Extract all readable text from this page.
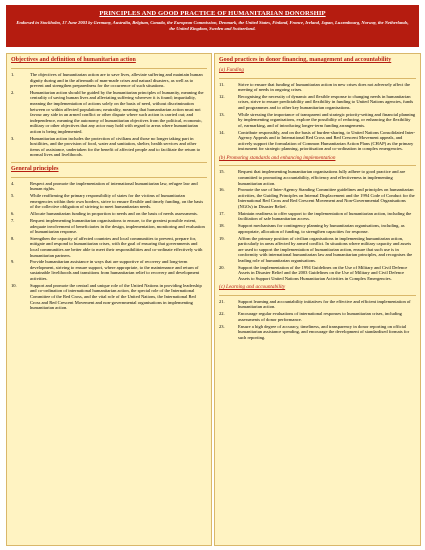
PRINCIPLES AND GOOD PRACTICE OF HUMANITARIAN DONORSHIP
Endorsed in Stockholm, 17 June 2003 by Germany, Australia, Belgium, Canada, the European Commission, Denmark, the United States, Finland, France, Ireland, Japan, Luxembourg, Norway, the Netherlands, the United Kingdom, Sweden and Switzerland.
Objectives and definition of humanitarian action
1.	The objectives of humanitarian action are to save lives, alleviate suffering and maintain human dignity during and in the aftermath of man-made crises and natural disasters, as well as to prevent and strengthen preparedness for the occurrence of such situations.
2.	Humanitarian action should be guided by the humanitarian principles of humanity, meaning the centrality of saving human lives and alleviating suffering wherever it is found; impartiality, meaning the implementation of actions solely on the basis of need, without discrimination between or within affected populations; neutrality, meaning that humanitarian action must not favour any side in an armed conflict or other dispute where such action is carried out; and independence, meaning the autonomy of humanitarian objectives from the political, economic, military or other objectives that any actor may hold with regard to areas where humanitarian action is being implemented.
3.	Humanitarian action includes the protection of civilians and those no longer taking part in hostilities, and the provision of food, water and sanitation, shelter, health services and other items of assistance, undertaken for the benefit of affected people and to facilitate the return to normal lives and livelihoods.
General principles
4.	Respect and promote the implementation of international humanitarian law, refugee law and human rights.
5.	While reaffirming the primary responsibility of states for the victims of humanitarian emergencies within their own borders, strive to ensure flexible and timely funding, on the basis of the collective obligation of striving to meet humanitarian needs.
6.	Allocate humanitarian funding in proportion to needs and on the basis of needs assessments.
7.	Request implementing humanitarian organisations to ensure, to the greatest possible extent, adequate involvement of beneficiaries in the design, implementation, monitoring and evaluation of humanitarian response.
8.	Strengthen the capacity of affected countries and local communities to prevent, prepare for, mitigate and respond to humanitarian crises, with the goal of ensuring that governments and local communities are better able to meet their responsibilities and co-ordinate effectively with humanitarian partners.
9.	Provide humanitarian assistance in ways that are supportive of recovery and long-term development, striving to ensure support, where appropriate, to the maintenance and return of sustainable livelihoods and transitions from humanitarian relief to recovery and development activities.
10.	Support and promote the central and unique role of the United Nations in providing leadership and co-ordination of international humanitarian action, the special role of the International Committee of the Red Cross, and the vital role of the United Nations, the International Red Cross and Red Crescent Movement and non-governmental organisations in implementing humanitarian action.
Good practices in donor financing, management and accountability
(a) Funding
11.	Strive to ensure that funding of humanitarian action in new crises does not adversely affect the meeting of needs in ongoing crises.
12.	Recognising the necessity of dynamic and flexible response to changing needs in humanitarian crises, strive to ensure predictability and flexibility in funding to United Nations agencies, funds and programmes and to other key humanitarian organisations.
13.	While stressing the importance of transparent and strategic priority-setting and financial planning by implementing organisations, explore the possibility of reducing, or enhancing the flexibility of, earmarking, and of introducing longer-term funding arrangements.
14.	Contribute responsibly, and on the basis of burden-sharing, to United Nations Consolidated Inter-Agency Appeals and to International Red Cross and Red Crescent Movement appeals, and actively support the formulation of Common Humanitarian Action Plans (CHAP) as the primary instrument for strategic planning, prioritisation and co-ordination in complex emergencies.
(b) Promoting standards and enhancing implementation
15.	Request that implementing humanitarian organisations fully adhere to good practice and are committed to promoting accountability, efficiency and effectiveness in implementing humanitarian action.
16.	Promote the use of Inter-Agency Standing Committee guidelines and principles on humanitarian activities, the Guiding Principles on Internal Displacement and the 1994 Code of Conduct for the International Red Cross and Red Crescent Movement and Non-Governmental Organisations (NGOs) in Disaster Relief.
17.	Maintain readiness to offer support to the implementation of humanitarian action, including the facilitation of safe humanitarian access.
18.	Support mechanisms for contingency planning by humanitarian organisations, including, as appropriate, allocation of funding, to strengthen capacities for response.
19.	Affirm the primary position of civilian organisations in implementing humanitarian action, particularly in areas affected by armed conflict. In situations where military capacity and assets are used to support the implementation of humanitarian action, ensure that such use is in conformity with international humanitarian law and humanitarian principles, and recognises the leading role of humanitarian organisations.
20.	Support the implementation of the 1994 Guidelines on the Use of Military and Civil Defence Assets in Disaster Relief and the 2003 Guidelines on the Use of Military and Civil Defence Assets to Support United Nations Humanitarian Activities in Complex Emergencies.
(c) Learning and accountability
21.	Support learning and accountability initiatives for the effective and efficient implementation of humanitarian action.
22.	Encourage regular evaluations of international responses to humanitarian crises, including assessments of donor performance.
23.	Ensure a high degree of accuracy, timeliness, and transparency in donor reporting on official humanitarian assistance spending, and encourage the development of standardised formats for such reporting.
